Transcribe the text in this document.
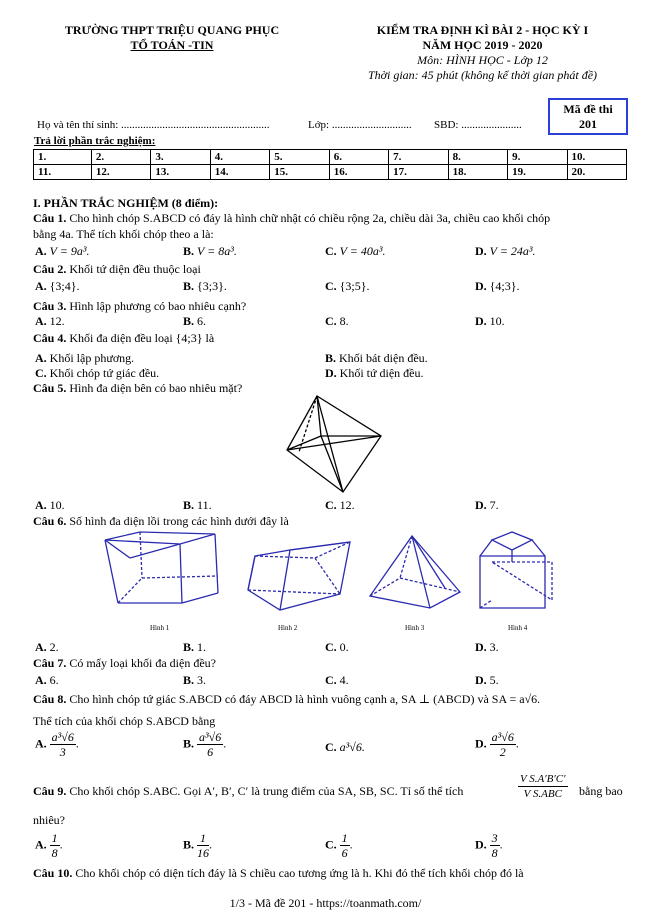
TRƯỜNG THPT TRIỆU QUANG PHỤC
TỔ TOÁN -TIN
KIỂM TRA ĐỊNH KÌ BÀI 2 - HỌC KỲ I
NĂM HỌC 2019 - 2020
Môn: HÌNH HỌC - Lớp 12
Thời gian: 45 phút (không kể thời gian phát đề)
Mã đề thi
201
Họ và tên thí sinh: ......................................................	Lớp: ............................. SBD: ......................
Trả lời phần trắc nghiệm:
1.	2.	3.	4.	5.	6.	7.	8.	9.	10.
11.	12.	13.	14.	15.	16.	17.	18.	19.	20.
I. PHẦN TRẮC NGHIỆM (8 điểm):
Câu 1. Cho hình chóp S.ABCD có đáy là hình chữ nhật có chiều rộng 2a, chiều dài 3a, chiều cao khối chóp
bằng 4a. Thể tích khối chóp theo a là:
A. V = 9a³.	B. V = 8a³.	C. V = 40a³.	D. V = 24a³.
Câu 2. Khối tứ diện đều thuộc loại
A. {3;4}.	B. {3;3}.	C. {3;5}.	D. {4;3}.
Câu 3. Hình lập phương có bao nhiêu cạnh?
A. 12.	B. 6.	C. 8.	D. 10.
Câu 4. Khối đa diện đều loại {4;3} là
A. Khối lập phương.	B. Khối bát diện đều.
C. Khối chóp tứ giác đều.	D. Khối tứ diện đều.
Câu 5. Hình đa diện bên có bao nhiêu mặt?
A. 10.	B. 11.	C. 12.	D. 7.
Câu 6. Số hình đa diện lồi trong các hình dưới đây là
Hình 1	Hình 2	Hình 3	Hình 4
A. 2.	B. 1.	C. 0.	D. 3.
Câu 7. Có mấy loại khối đa diện đều?
A. 6.	B. 3.	C. 4.	D. 5.
Câu 8. Cho hình chóp tứ giác S.ABCD có đáy ABCD là hình vuông cạnh a, SA ⊥ (ABCD) và SA = a√6.
Thể tích của khối chóp S.ABCD bằng
A. $\frac{\text{a³√6}}{3}$ .	B. $\frac{\text{a³√6}}{6}$ .	C. a³√6.	D. $\frac{\text{a³√6}}{2}$ .
Câu 9. Cho khối chóp S.ABC. Gọi A′, B′, C′ là trung điểm của SA, SB, SC. Tỉ số thể tích	$\frac{\text{V S.A′B′C′}}{\text{V S.ABC}}$ bằng bao
nhiêu?
A. $\frac{1}{8}$ .	B. $\frac{1}{16}$ .	C. $\frac{1}{6}$ .	D. $\frac{3}{8}$ .
Câu 10. Cho khối chóp có diện tích đáy là S chiều cao tương ứng là h. Khi đó thể tích khối chóp đó là
1/3 - Mã đề 201 - https://toanmath.com/
